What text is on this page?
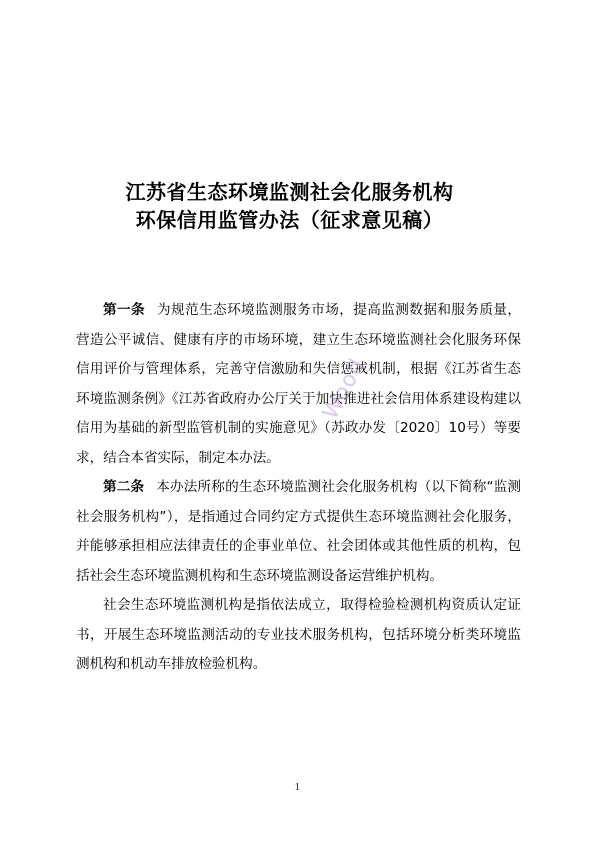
江苏省生态环境监测社会化服务机构
环保信用监管办法（征求意见稿）

第一条 为规范生态环境监测服务市场，提高监测数据和服务质量，营造公平诚信、健康有序的市场环境，建立生态环境监测社会化服务环保信用评价与管理体系，完善守信激励和失信惩戒机制，根据《江苏省生态环境监测条例》《江苏省政府办公厅关于加快推进社会信用体系建设构建以信用为基础的新型监管机制的实施意见》（苏政办发〔2020〕10号）等要求，结合本省实际，制定本办法。

第二条 本办法所称的生态环境监测社会化服务机构（以下简称“监测社会服务机构”），是指通过合同约定方式提供生态环境监测社会化服务，并能够承担相应法律责任的企事业单位、社会团体或其他性质的机构，包括社会生态环境监测机构和生态环境监测设备运营维护机构。

社会生态环境监测机构是指依法成立，取得检验检测机构资质认定证书，开展生态环境监测活动的专业技术服务机构，包括环境分析类环境监测机构和机动车排放检验机构。

Wood
1
